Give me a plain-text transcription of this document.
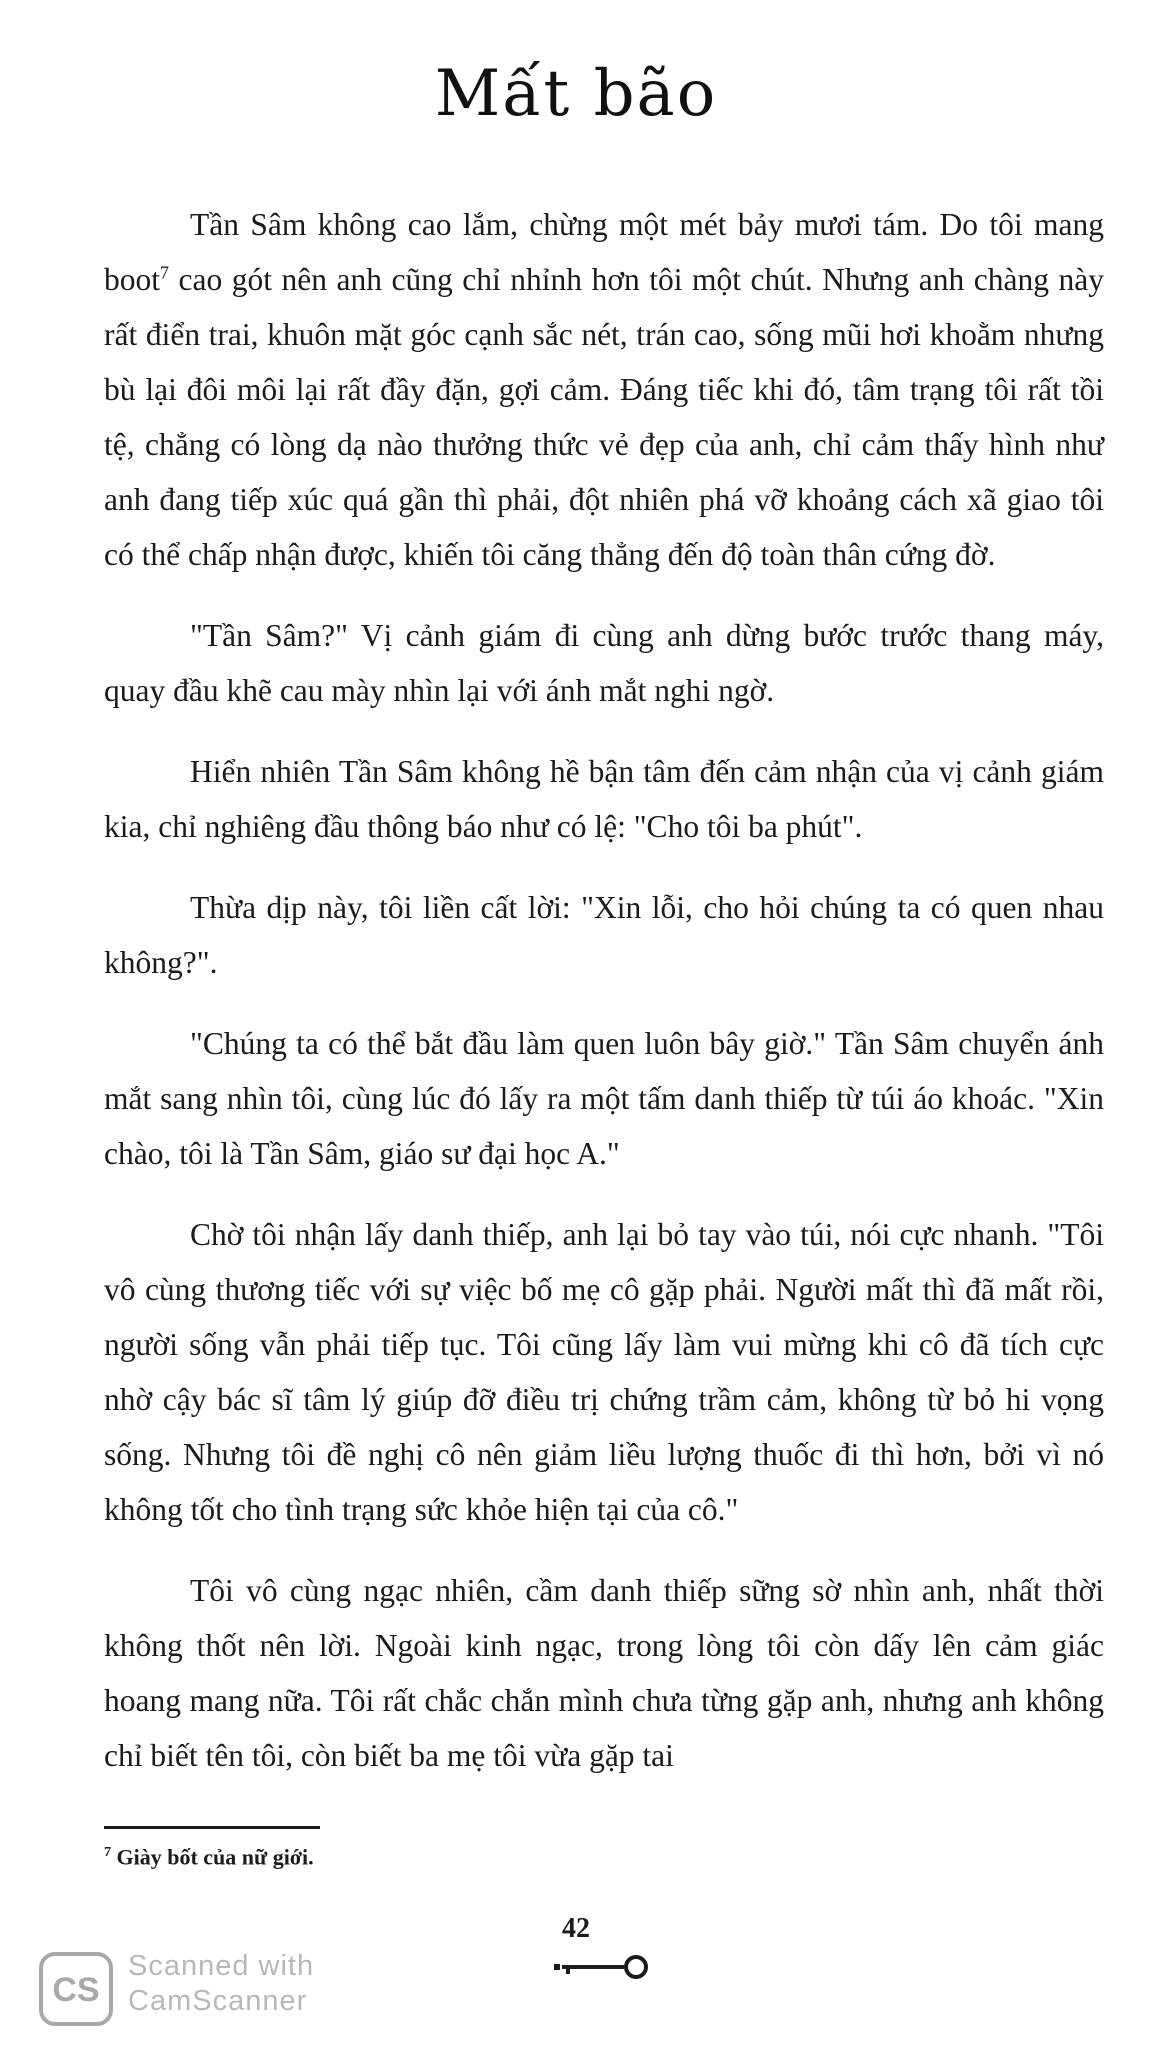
Mất bão

Tần Sâm không cao lắm, chừng một mét bảy mươi tám. Do tôi mang boot$^7$ cao gót nên anh cũng chỉ nhỉnh hơn tôi một chút. Nhưng anh chàng này rất điển trai, khuôn mặt góc cạnh sắc nét, trán cao, sống mũi hơi khoằm nhưng bù lại đôi môi lại rất đầy đặn, gợi cảm. Đáng tiếc khi đó, tâm trạng tôi rất tồi tệ, chẳng có lòng dạ nào thưởng thức vẻ đẹp của anh, chỉ cảm thấy hình như anh đang tiếp xúc quá gần thì phải, đột nhiên phá vỡ khoảng cách xã giao tôi có thể chấp nhận được, khiến tôi căng thẳng đến độ toàn thân cứng đờ.

"Tần Sâm?" Vị cảnh giám đi cùng anh dừng bước trước thang máy, quay đầu khẽ cau mày nhìn lại với ánh mắt nghi ngờ.

Hiển nhiên Tần Sâm không hề bận tâm đến cảm nhận của vị cảnh giám kia, chỉ nghiêng đầu thông báo như có lệ: "Cho tôi ba phút".

Thừa dịp này, tôi liền cất lời: "Xin lỗi, cho hỏi chúng ta có quen nhau không?".

"Chúng ta có thể bắt đầu làm quen luôn bây giờ." Tần Sâm chuyển ánh mắt sang nhìn tôi, cùng lúc đó lấy ra một tấm danh thiếp từ túi áo khoác. "Xin chào, tôi là Tần Sâm, giáo sư đại học A."

Chờ tôi nhận lấy danh thiếp, anh lại bỏ tay vào túi, nói cực nhanh. "Tôi vô cùng thương tiếc với sự việc bố mẹ cô gặp phải. Người mất thì đã mất rồi, người sống vẫn phải tiếp tục. Tôi cũng lấy làm vui mừng khi cô đã tích cực nhờ cậy bác sĩ tâm lý giúp đỡ điều trị chứng trầm cảm, không từ bỏ hi vọng sống. Nhưng tôi đề nghị cô nên giảm liều lượng thuốc đi thì hơn, bởi vì nó không tốt cho tình trạng sức khỏe hiện tại của cô."

Tôi vô cùng ngạc nhiên, cầm danh thiếp sững sờ nhìn anh, nhất thời không thốt nên lời. Ngoài kinh ngạc, trong lòng tôi còn dấy lên cảm giác hoang mang nữa. Tôi rất chắc chắn mình chưa từng gặp anh, nhưng anh không chỉ biết tên tôi, còn biết ba mẹ tôi vừa gặp tai

$^7$ Giày bốt của nữ giới.
42
CS
Scanned with
CamScanner
